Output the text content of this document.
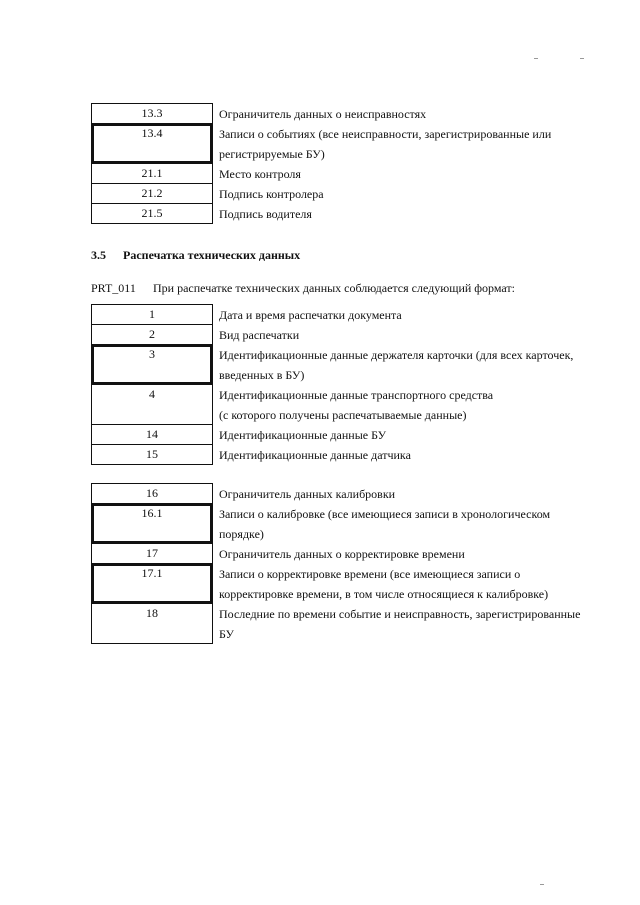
13.3	Ограничитель данных о неисправностях
13.4	Записи о событиях (все неисправности, зарегистрированные или регистрируемые БУ)
21.1	Место контроля
21.2	Подпись контролера
21.5	Подпись водителя
3.5 Распечатка технических данных
PRT_011 При распечатке технических данных соблюдается следующий формат:
1	Дата и время распечатки документа
2	Вид распечатки
3	Идентификационные данные держателя карточки (для всех карточек, введенных в БУ)
4	Идентификационные данные транспортного средства
(с которого получены распечатываемые данные)
14	Идентификационные данные БУ
15	Идентификационные данные датчика
16	Ограничитель данных калибровки
16.1	Записи о калибровке (все имеющиеся записи в хронологическом порядке)
17	Ограничитель данных о корректировке времени
17.1	Записи о корректировке времени (все имеющиеся записи о корректировке времени, в том числе относящиеся к калибровке)
18	Последние по времени событие и неисправность, зарегистрированные БУ
